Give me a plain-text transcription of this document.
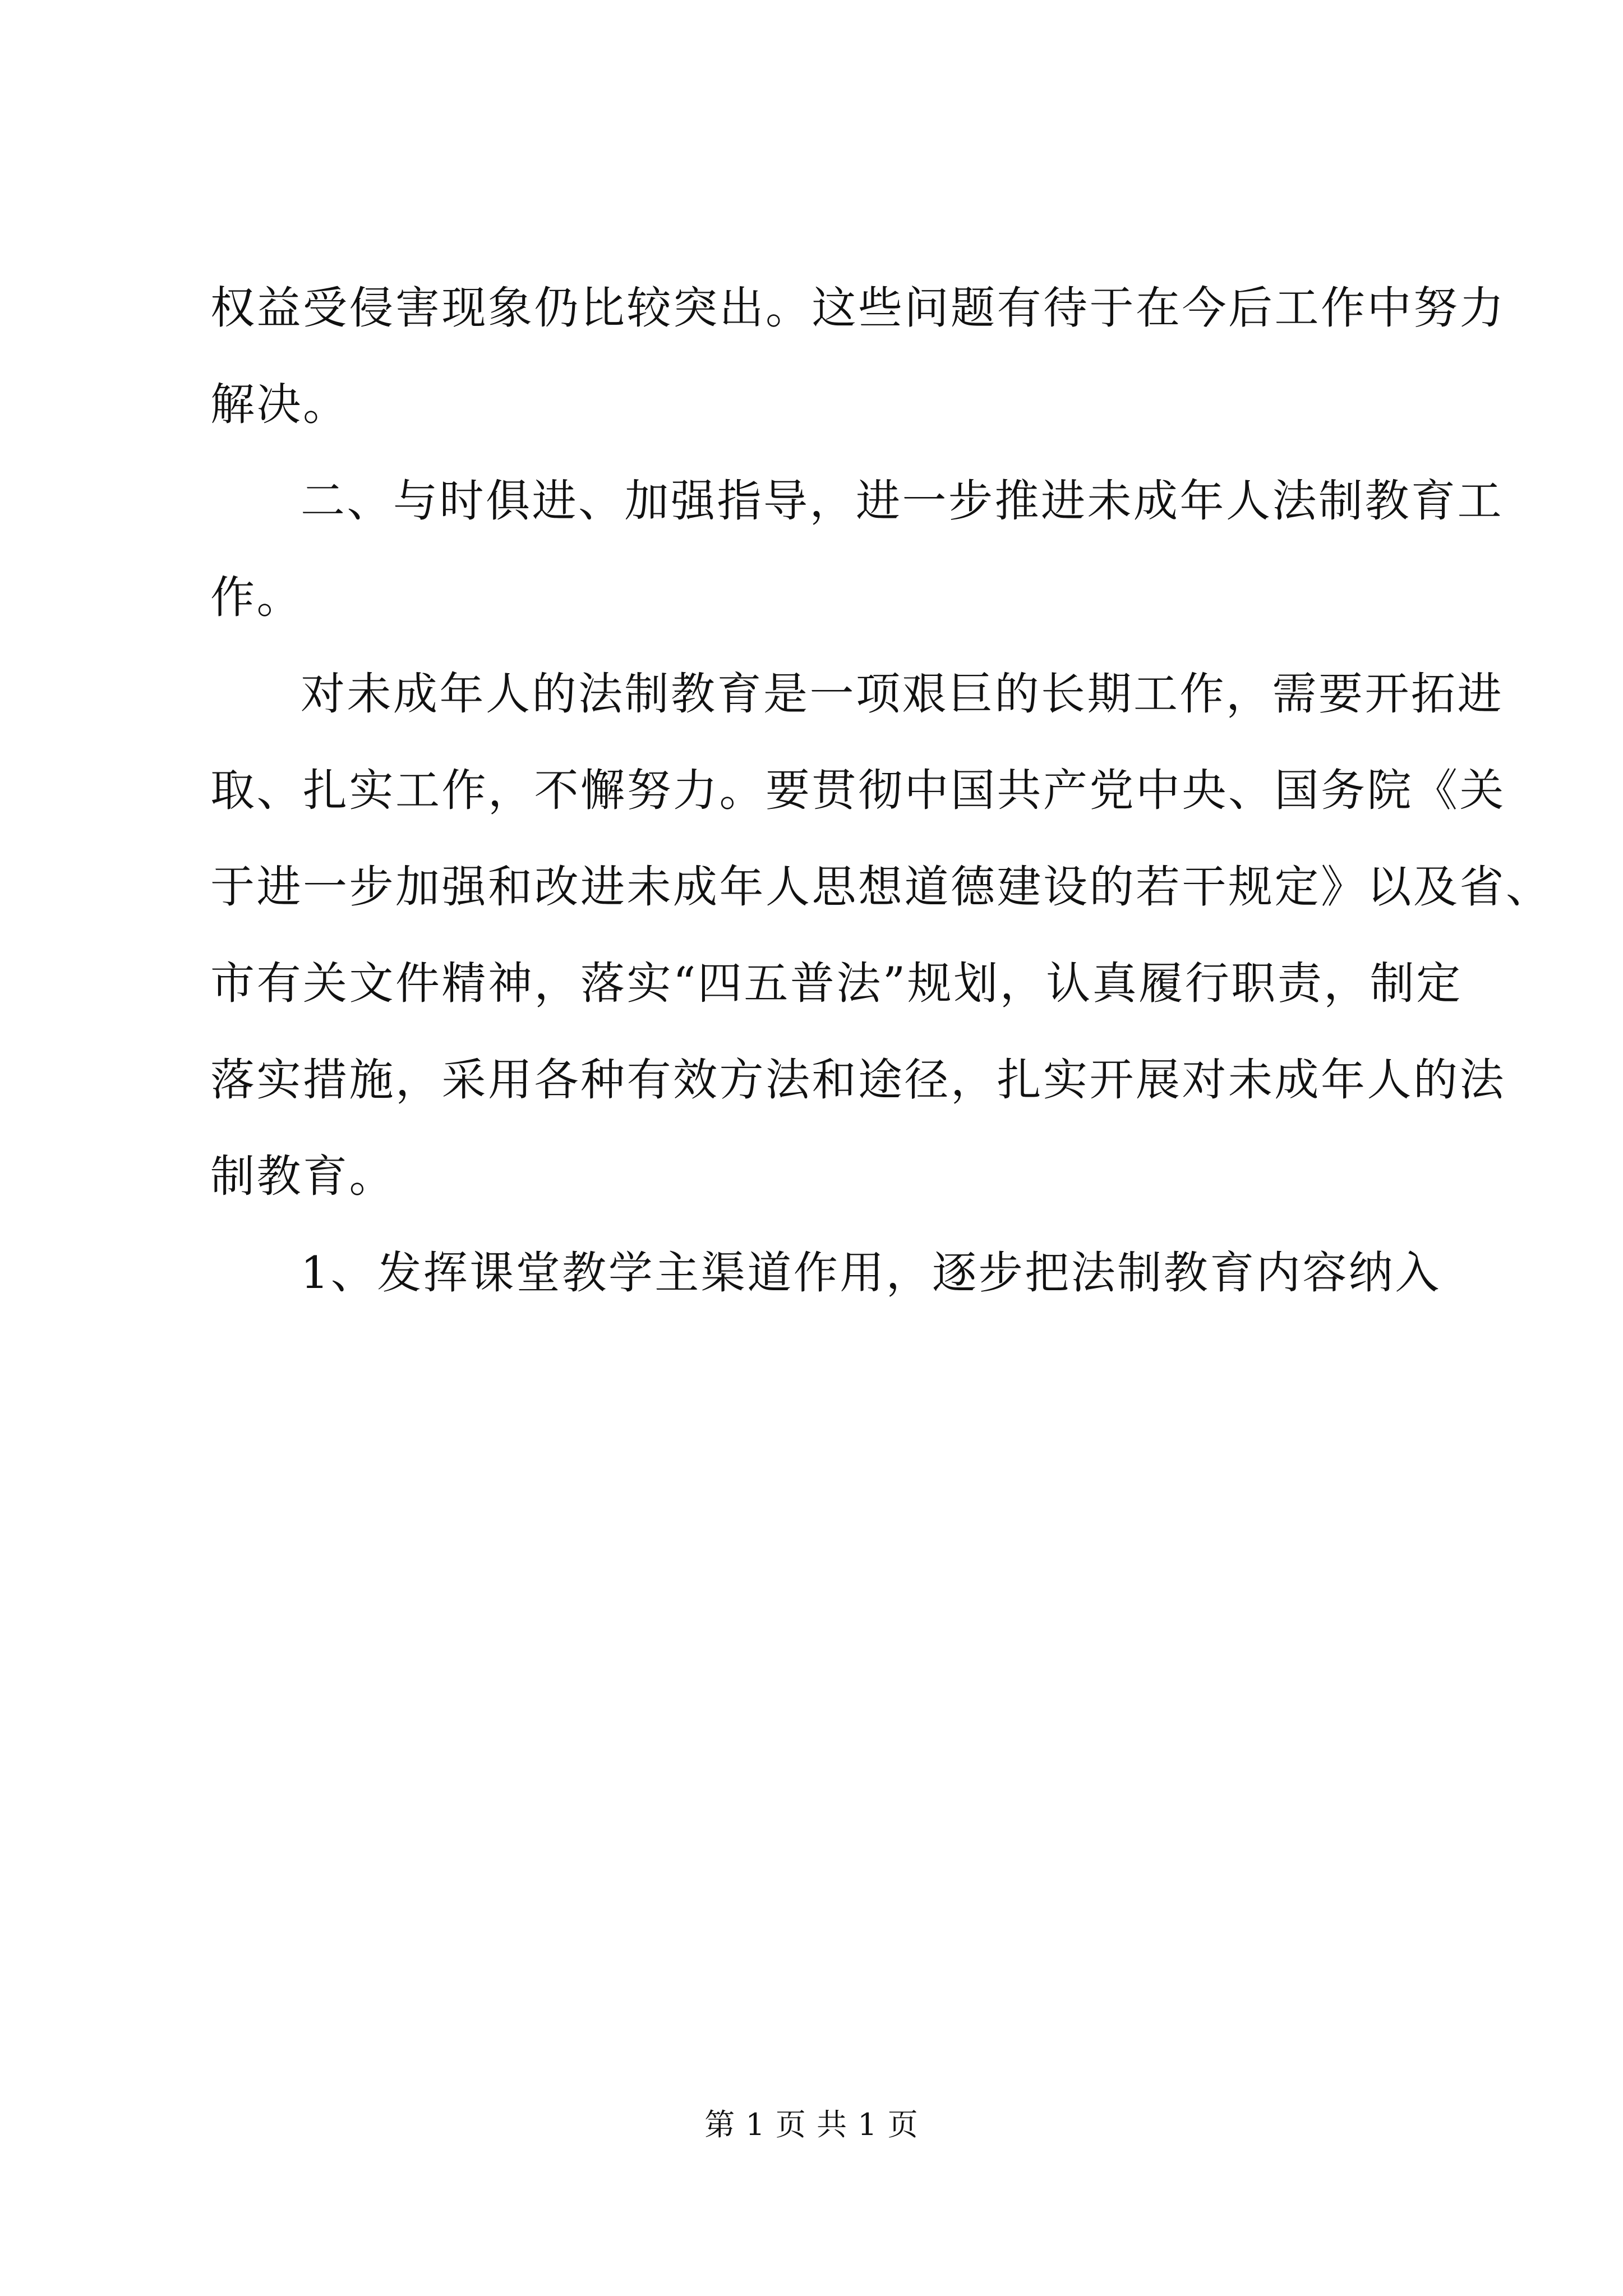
权益受侵害现象仍比较突出。这些问题有待于在今后工作中努力
解决。
二、与时俱进、加强指导，进一步推进未成年人法制教育工
作。
对未成年人的法制教育是一项艰巨的长期工作，需要开拓进
取、扎实工作，不懈努力。要贯彻中国共产党中央、国务院《关
于进一步加强和改进未成年人思想道德建设的若干规定》以及省、
市有关文件精神，落实“四五普法”规划，认真履行职责，制定
落实措施，采用各种有效方法和途径，扎实开展对未成年人的法
制教育。
1、发挥课堂教学主渠道作用，逐步把法制教育内容纳入
第 1 页 共 1 页
